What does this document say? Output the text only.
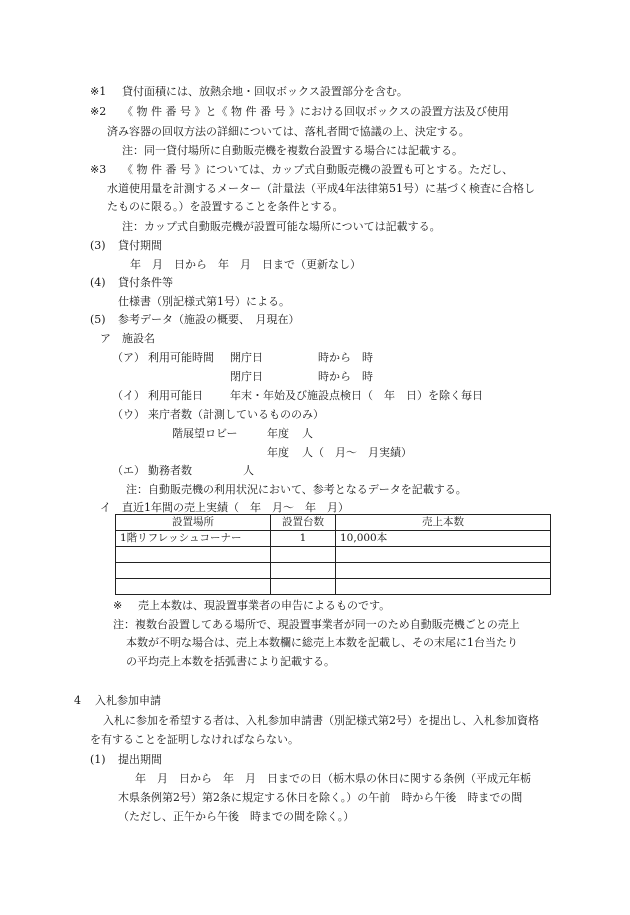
※1 貸付面積には、放熱余地・回収ボックス設置部分を含む。
※2 《 物 件 番 号 》と《 物 件 番 号 》における回収ボックスの設置方法及び使用
済み容器の回収方法の詳細については、落札者間で協議の上、決定する。
注：同一貸付場所に自動販売機を複数台設置する場合には記載する。
※3 《 物 件 番 号 》については、カップ式自動販売機の設置も可とする。ただし、
水道使用量を計測するメーター（計量法（平成4年法律第51号）に基づく検査に合格し
たものに限る。）を設置することを条件とする。
注：カップ式自動販売機が設置可能な場所については記載する。
(3) 貸付期間
年　月　日から　年　月　日まで（更新なし）
(4) 貸付条件等
仕様書（別記様式第1号）による。
(5) 参考データ（施設の概要、　月現在）
ア 施設名
（ア） 利用可能時間 開庁日	時から　時
閉庁日	時から　時
（イ） 利用可能日 年末・年始及び施設点検日（　年　日）を除く毎日
（ウ） 来庁者数（計測しているもののみ）
階展望ロビー	年度 人
年度 人（　月～　月実績）
（エ） 勤務者数	人
注：自動販売機の利用状況において、参考となるデータを記載する。
イ 直近1年間の売上実績（　年　月～　年　月）
設置場所	設置台数	売上本数
1階リフレッシュコーナー	1	10,000本

※ 売上本数は、現設置事業者の申告によるものです。
注：複数台設置してある場所で、現設置事業者が同一のため自動販売機ごとの売上
本数が不明な場合は、売上本数欄に総売上本数を記載し、その末尾に1台当たり
の平均売上本数を括弧書により記載する。
4 入札参加申請
入札に参加を希望する者は、入札参加申請書（別記様式第2号）を提出し、入札参加資格
を有することを証明しなければならない。
(1) 提出期間
年　月　日から　年　月　日までの日（栃木県の休日に関する条例（平成元年栃
木県条例第2号）第2条に規定する休日を除く。）の午前　時から午後　時までの間
（ただし、正午から午後　時までの間を除く。）
